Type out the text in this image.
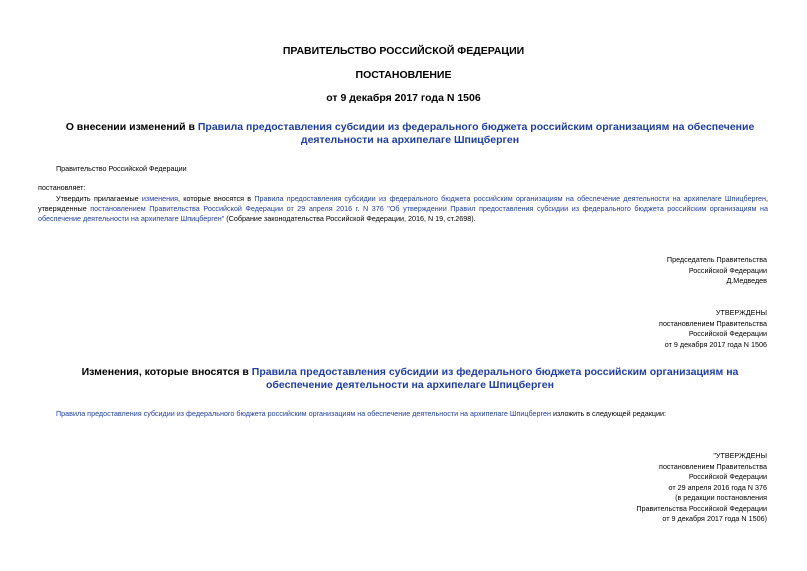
ПРАВИТЕЛЬСТВО РОССИЙСКОЙ ФЕДЕРАЦИИ
ПОСТАНОВЛЕНИЕ
от 9 декабря 2017 года N 1506
О внесении изменений в Правила предоставления субсидии из федерального бюджета российским организациям на обеспечение деятельности на архипелаге Шпицберген
Правительство Российской Федерации
постановляет:
Утвердить прилагаемые изменения, которые вносятся в Правила предоставления субсидии из федерального бюджета российским организациям на обеспечение деятельности на архипелаге Шпицберген, утвержденные постановлением Правительства Российской Федерации от 29 апреля 2016 г. N 376 "Об утверждении Правил предоставления субсидии из федерального бюджета российским организациям на обеспечение деятельности на архипелаге Шпицберген" (Собрание законодательства Российской Федерации, 2016, N 19, ст.2698).
Председатель Правительства
Российской Федерации
Д.Медведев
УТВЕРЖДЕНЫ
постановлением Правительства
Российской Федерации
от 9 декабря 2017 года N 1506
Изменения, которые вносятся в Правила предоставления субсидии из федерального бюджета российским организациям на обеспечение деятельности на архипелаге Шпицберген
Правила предоставления субсидии из федерального бюджета российским организациям на обеспечение деятельности на архипелаге Шпицберген изложить в следующей редакции:
"УТВЕРЖДЕНЫ
постановлением Правительства
Российской Федерации
от 29 апреля 2016 года N 376
(в редакции постановления
Правительства Российской Федерации
от 9 декабря 2017 года N 1506)
